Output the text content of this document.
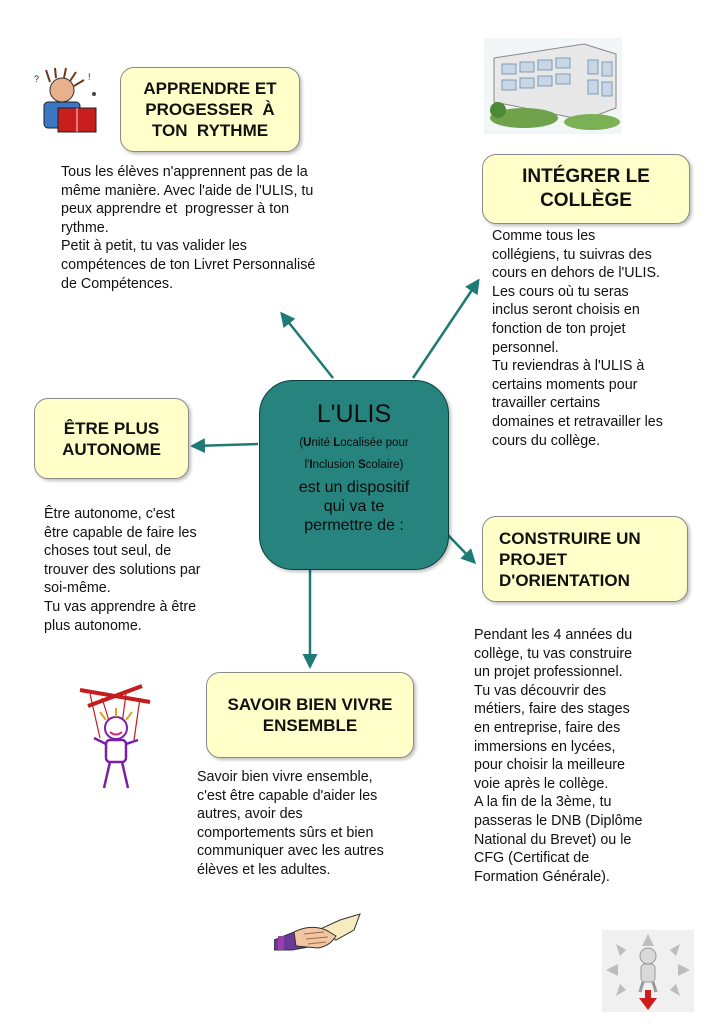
L'ULIS
(Unité Localisée pour
l'Inclusion Scolaire)
est un dispositif
qui va te
permettre de :
APPRENDRE ET
PROGESSER  À
TON  RYTHME
INTÉGRER LE
COLLÈGE
ÊTRE PLUS
AUTONOME
CONSTRUIRE UN
PROJET
D'ORIENTATION
SAVOIR BIEN VIVRE
ENSEMBLE
Tous les élèves n'apprennent pas de la
même manière. Avec l'aide de l'ULIS, tu
peux apprendre et  progresser à ton
rythme.
Petit à petit, tu vas valider les
compétences de ton Livret Personnalisé
de Compétences.
Comme tous les
collégiens, tu suivras des
cours en dehors de l'ULIS.
Les cours où tu seras
inclus seront choisis en
fonction de ton projet
personnel.
Tu reviendras à l'ULIS à
certains moments pour
travailler certains
domaines et retravailler les
cours du collège.
Être autonome, c'est
être capable de faire les
choses tout seul, de
trouver des solutions par
soi-même.
Tu vas apprendre à être
plus autonome.
Pendant les 4 années du
collège, tu vas construire
un projet professionnel.
Tu vas découvrir des
métiers, faire des stages
en entreprise, faire des
immersions en lycées,
pour choisir la meilleure
voie après le collège.
A la fin de la 3ème, tu
passeras le DNB (Diplôme
National du Brevet) ou le
CFG (Certificat de
Formation Générale).
Savoir bien vivre ensemble,
c'est être capable d'aider les
autres, avoir des
comportements sûrs et bien
communiquer avec les autres
élèves et les adultes.
?	!
